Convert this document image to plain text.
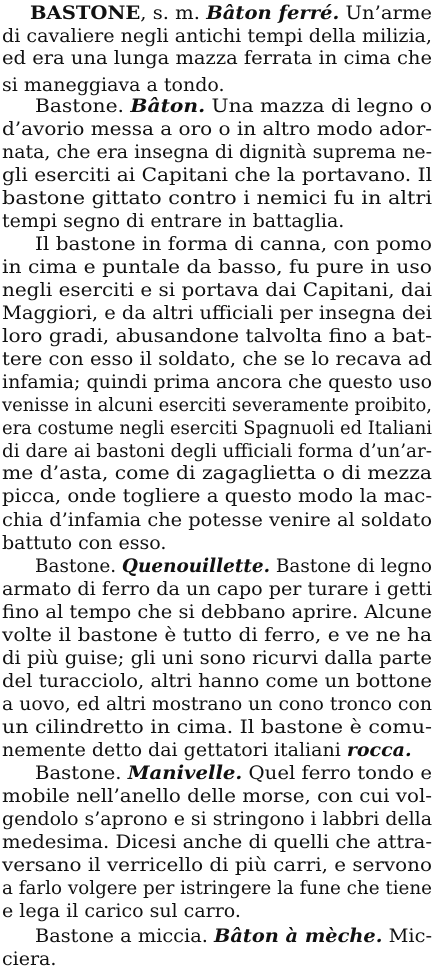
BASTONE, s. m. Bâton ferré. Un’arme
di cavaliere negli antichi tempi della milizia,
ed era una lunga mazza ferrata in cima che
si maneggiava a tondo.
Bastone. Bâton. Una mazza di legno o
d’avorio messa a oro o in altro modo ador-
nata, che era insegna di dignità suprema ne-
gli eserciti ai Capitani che la portavano. Il
bastone gittato contro i nemici fu in altri
tempi segno di entrare in battaglia.
Il bastone in forma di canna, con pomo
in cima e puntale da basso, fu pure in uso
negli eserciti e si portava dai Capitani, dai
Maggiori, e da altri ufficiali per insegna dei
loro gradi, abusandone talvolta fino a bat-
tere con esso il soldato, che se lo recava ad
infamia; quindi prima ancora che questo uso
venisse in alcuni eserciti severamente proibito,
era costume negli eserciti Spagnuoli ed Italiani
di dare ai bastoni degli ufficiali forma d’un’ar-
me d’asta, come di zagaglietta o di mezza
picca, onde togliere a questo modo la mac-
chia d’infamia che potesse venire al soldato
battuto con esso.
Bastone. Quenouillette. Bastone di legno
armato di ferro da un capo per turare i getti
fino al tempo che si debbano aprire. Alcune
volte il bastone è tutto di ferro, e ve ne ha
di più guise; gli uni sono ricurvi dalla parte
del turacciolo, altri hanno come un bottone
a uovo, ed altri mostrano un cono tronco con
un cilindretto in cima. Il bastone è comu-
nemente detto dai gettatori italiani rocca.
Bastone. Manivelle. Quel ferro tondo e
mobile nell’anello delle morse, con cui vol-
gendolo s’aprono e si stringono i labbri della
medesima. Dicesi anche di quelli che attra-
versano il verricello di più carri, e servono
a farlo volgere per istringere la fune che tiene
e lega il carico sul carro.
Bastone a miccia. Bâton à mèche. Mic-
ciera.
